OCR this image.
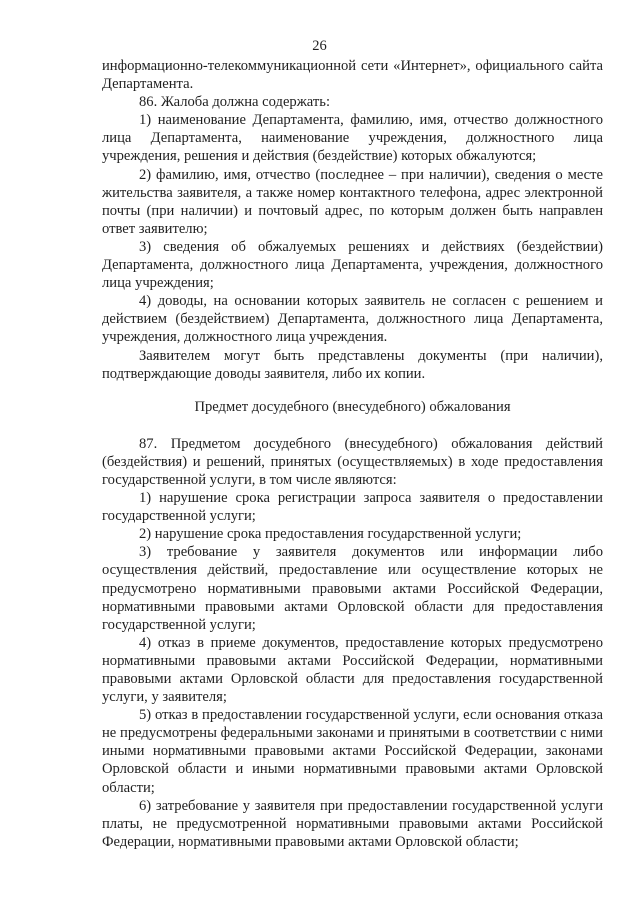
26

информационно-телекоммуникационной сети «Интернет», официального сайта Департамента.

86. Жалоба должна содержать:

1) наименование Департамента, фамилию, имя, отчество должностного лица Департамента, наименование учреждения, должностного лица учреждения, решения и действия (бездействие) которых обжалуются;

2) фамилию, имя, отчество (последнее – при наличии), сведения о месте жительства заявителя, а также номер контактного телефона, адрес электронной почты (при наличии) и почтовый адрес, по которым должен быть направлен ответ заявителю;

3) сведения об обжалуемых решениях и действиях (бездействии) Департамента, должностного лица Департамента, учреждения, должностного лица учреждения;

4) доводы, на основании которых заявитель не согласен с решением и действием (бездействием) Департамента, должностного лица Департамента, учреждения, должностного лица учреждения.

Заявителем могут быть представлены документы (при наличии), подтверждающие доводы заявителя, либо их копии.

Предмет досудебного (внесудебного) обжалования

87. Предметом досудебного (внесудебного) обжалования действий (бездействия) и решений, принятых (осуществляемых) в ходе предоставления государственной услуги, в том числе являются:

1) нарушение срока регистрации запроса заявителя о предоставлении государственной услуги;

2) нарушение срока предоставления государственной услуги;

3) требование у заявителя документов или информации либо осуществления действий, предоставление или осуществление которых не предусмотрено нормативными правовыми актами Российской Федерации, нормативными правовыми актами Орловской области для предоставления государственной услуги;

4) отказ в приеме документов, предоставление которых предусмотрено нормативными правовыми актами Российской Федерации, нормативными правовыми актами Орловской области для предоставления государственной услуги, у заявителя;

5) отказ в предоставлении государственной услуги, если основания отказа не предусмотрены федеральными законами и принятыми в соответствии с ними иными нормативными правовыми актами Российской Федерации, законами Орловской области и иными нормативными правовыми актами Орловской области;

6) затребование у заявителя при предоставлении государственной услуги платы, не предусмотренной нормативными правовыми актами Российской Федерации, нормативными правовыми актами Орловской области;
